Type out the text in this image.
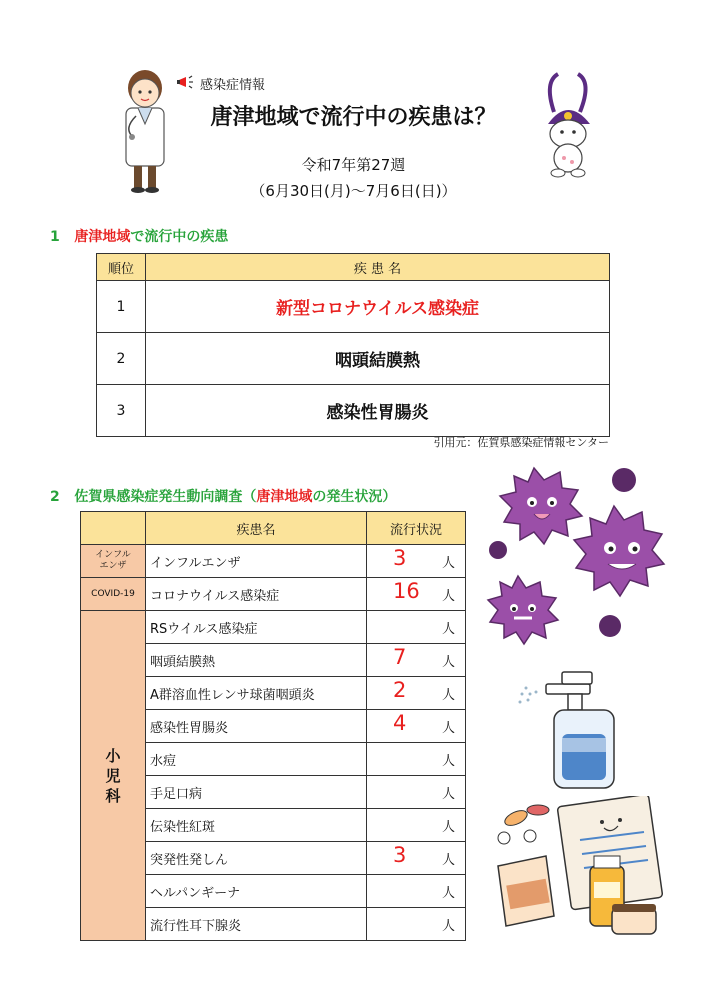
感染症情報
唐津地域で流行中の疾患は？
令和7年第27週
（6月30日(月)～7月6日(日)）
1 唐津地域で流行中の疾患
順位	疾 患 名
1	新型コロナウイルス感染症
2	咽頭結膜熱
3	感染性胃腸炎
引用元：佐賀県感染症情報センター
2 佐賀県感染症発生動向調査（唐津地域の発生状況）
	疾患名	流行状況
インフル
エンザ	インフルエンザ	3 人

COVID-19	コロナウイルス感染症	16 人

小
児
科	RSウイルス感染症	人

	咽頭結膜熱	7 人

	A群溶血性レンサ球菌咽頭炎	2 人

	感染性胃腸炎	4 人

	水痘	人

	手足口病	人

	伝染性紅斑	人

	突発性発しん	3 人

	ヘルパンギーナ	人

	流行性耳下腺炎	人
